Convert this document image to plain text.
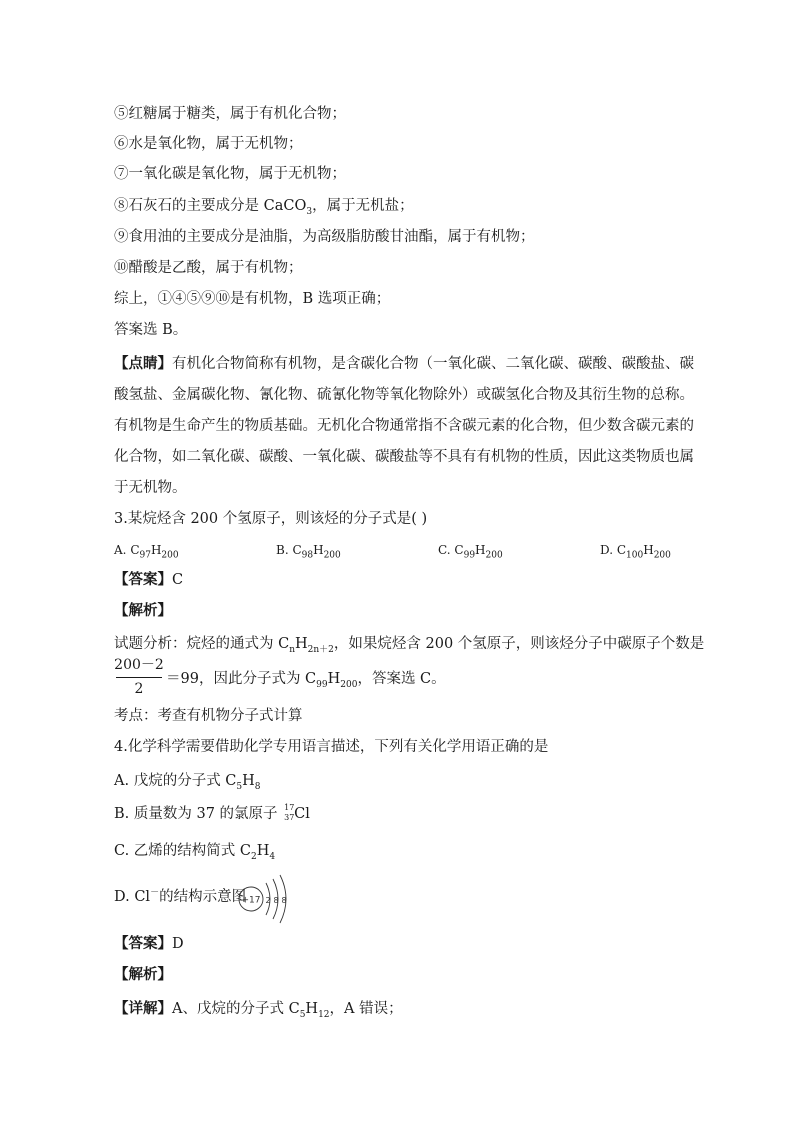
⑤红糖属于糖类，属于有机化合物；
⑥水是氧化物，属于无机物；
⑦一氧化碳是氧化物，属于无机物；
⑧石灰石的主要成分是 CaCO$_3$，属于无机盐；
⑨食用油的主要成分是油脂，为高级脂肪酸甘油酯，属于有机物；
⑩醋酸是乙酸，属于有机物；
综上，①④⑤⑨⑩是有机物，B 选项正确；
答案选 B。
【点睛】有机化合物简称有机物，是含碳化合物（一氧化碳、二氧化碳、碳酸、碳酸盐、碳
酸氢盐、金属碳化物、氰化物、硫氰化物等氧化物除外）或碳氢化合物及其衍生物的总称。
有机物是生命产生的物质基础。无机化合物通常指不含碳元素的化合物，但少数含碳元素的
化合物，如二氧化碳、碳酸、一氧化碳、碳酸盐等不具有有机物的性质，因此这类物质也属
于无机物。
3.某烷烃含 200 个氢原子，则该烃的分子式是( )
A. $C_{97}H_{200}$	B. $C_{98}H_{200}$	C. $C_{99}H_{200}$	D. $C_{100}H_{200}$
【答案】C
【解析】
试题分析：烷烃的通式为 $C_nH_{2n+2}$，如果烷烃含 200 个氢原子，则该烃分子中碳原子个数是
200－2
2
＝99，因此分子式为 $C_{99}H_{200}$，答案选 C。
考点：考查有机物分子式计算
4.化学科学需要借助化学专用语言描述，下列有关化学用语正确的是
A. 戊烷的分子式 $C_5H_8$
B. 质量数为 37 的氯原子 17
37 Cl
C. 乙烯的结构简式 $C_2H_4$
D. Cl－的结构示意图
+17 2 8 8
【答案】D
【解析】
【详解】A、戊烷的分子式 $C_5H_{12}$，A 错误；
